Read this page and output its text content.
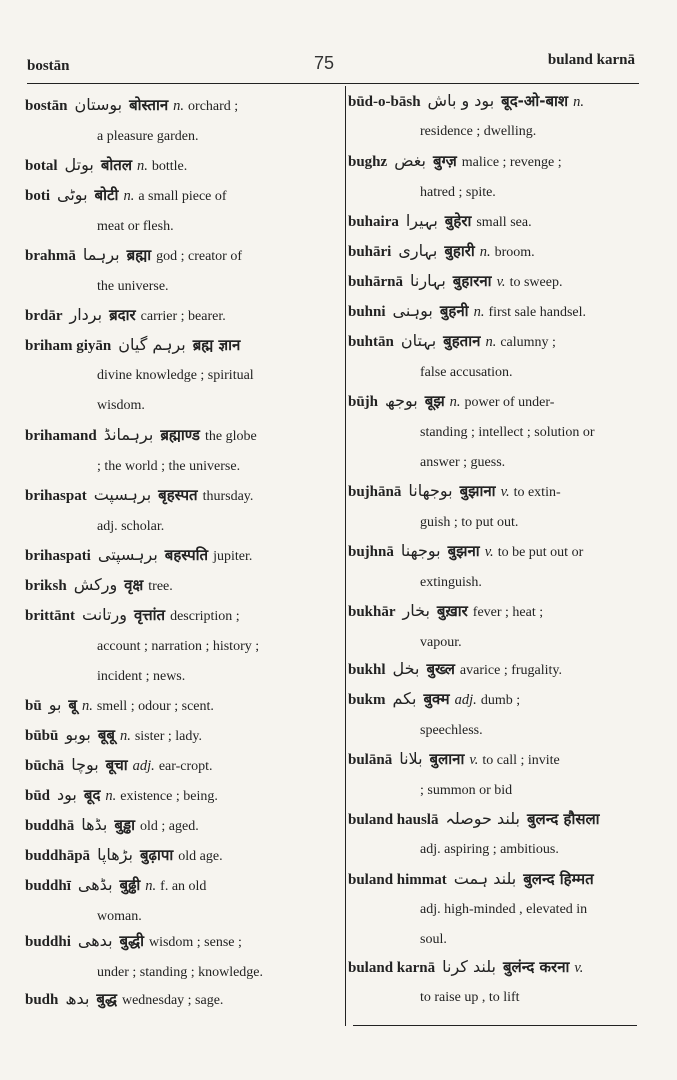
bostān	75	buland karnā
bostān بوستان बोस्तान n. orchard ;
a pleasure garden.
botal بوتل बोतल n. bottle.
boti بوٹی बोटी n. a small piece of
meat or flesh.
brahmā برہما ब्रह्मा god ; creator of
the universe.
brdār بردار ब्रदार carrier ; bearer.
briham giyān برہم گیان ब्रह्म ज्ञान
divine knowledge ; spiritual
wisdom.
brihamand برہمانڈ ब्रह्माण्ड the globe
; the world ; the universe.
brihaspat برہسپت बृहस्पत thursday.
adj. scholar.
brihaspati برہسپتی बहस्पति jupiter.
briksh ورکش वृक्ष tree.
brittānt ورتانت वृत्तांत description ;
account ; narration ; history ;
incident ; news.
bū بو बू n. smell ; odour ; scent.
būbū بوبو बूबू n. sister ; lady.
būchā بوچا बूचा adj. ear-cropt.
būd بود बूद n. existence ; being.
buddhā بڈھا बुड्ढा old ; aged.
buddhāpā بڑھاپا बुढ़ापा old age.
buddhī بڈھی बुढ्ढी n. f. an old
woman.
buddhi بدھی बुद्धी wisdom ; sense ;
under ; standing ; knowledge.
budh بدھ बुद्ध wednesday ; sage.
būd-o-bāsh بود و باش बूद-ओ-बाश n.
residence ; dwelling.
bughz بغض बुग्ज़ malice ; revenge ;
hatred ; spite.
buhaira بہیرا बुहेरा small sea.
buhāri بہاری बुहारी n. broom.
buhārnā بہارنا बुहारना v. to sweep.
buhni بوہنی बुहनी n. first sale handsel.
buhtān بہتان बुहतान n. calumny ;
false accusation.
būjh بوجھ बूझ n. power of under-
standing ; intellect ; solution or
answer ; guess.
bujhānā بوجھانا बुझाना v. to extin-
guish ; to put out.
bujhnā بوجھنا बुझना v. to be put out or
extinguish.
bukhār بخار बुख़ार fever ; heat ;
vapour.
bukhl بخل बुख्ल avarice ; frugality.
bukm بکم बुक्म adj. dumb ;
speechless.
bulānā بلانا बुलाना v. to call ; invite
; summon or bid
buland hauslā بلند حوصلہ बुलन्द हौसला
adj. aspiring ; ambitious.
buland himmat بلند ہمت बुलन्द हिम्मत
adj. high-minded , elevated in
soul.
buland karnā بلند کرنا बुलंन्द करना v.
to raise up , to lift
